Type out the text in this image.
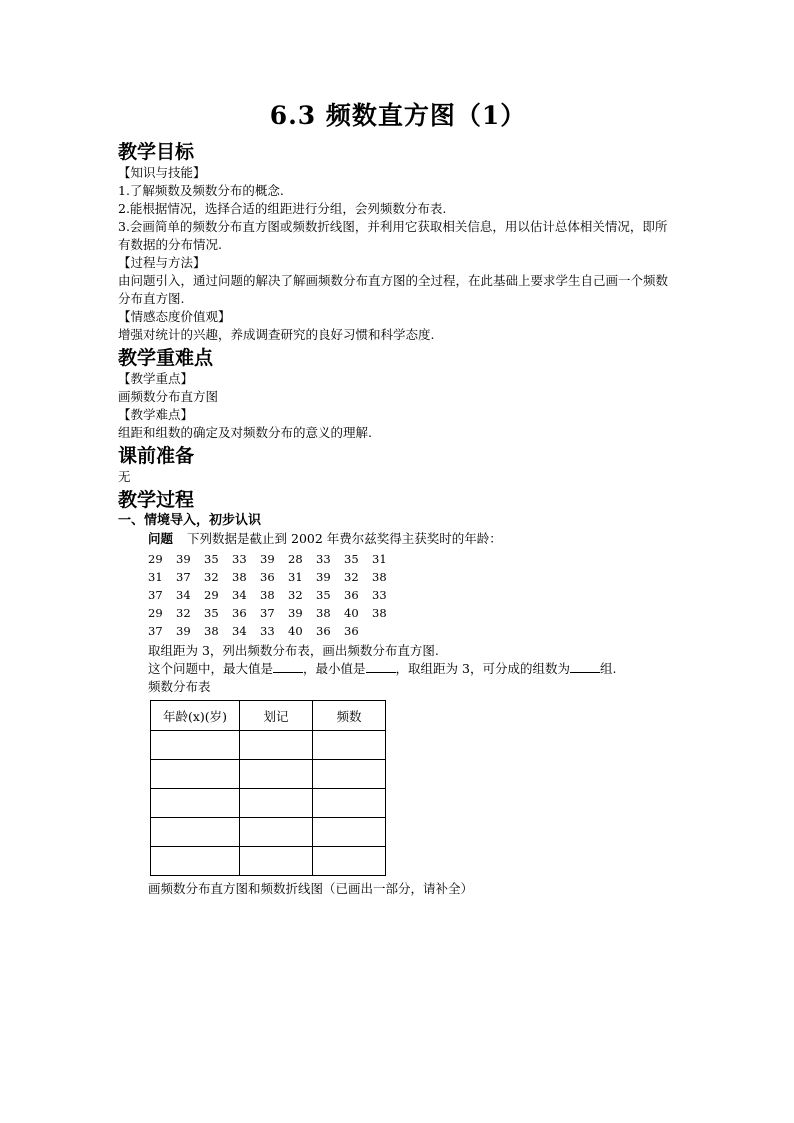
6.3 频数直方图（1）
教学目标
【知识与技能】
1.了解频数及频数分布的概念.
2.能根据情况，选择合适的组距进行分组，会列频数分布表.
3.会画简单的频数分布直方图或频数折线图，并利用它获取相关信息，用以估计总体相关情况，即所有数据的分布情况.
【过程与方法】
由问题引入，通过问题的解决了解画频数分布直方图的全过程，在此基础上要求学生自己画一个频数分布直方图.
【情感态度价值观】
增强对统计的兴趣，养成调查研究的良好习惯和科学态度.
教学重难点
【教学重点】
画频数分布直方图
【教学难点】
组距和组数的确定及对频数分布的意义的理解.
课前准备
无
教学过程
一、情境导入，初步认识
问题 下列数据是截止到 2002 年费尔兹奖得主获奖时的年龄：
29	39	35	33	39	28	33	35	31
31	37	32	38	36	31	39	32	38
37	34	29	34	38	32	35	36	33
29	32	35	36	37	39	38	40	38
37	39	38	34	33	40	36	36
取组距为 3，列出频数分布表，画出频数分布直方图.
这个问题中，最大值是 ，最小值是 ，取组距为 3，可分成的组数为 组.
频数分布表
年龄(x)(岁)	划记	频数

画频数分布直方图和频数折线图（已画出一部分，请补全）
